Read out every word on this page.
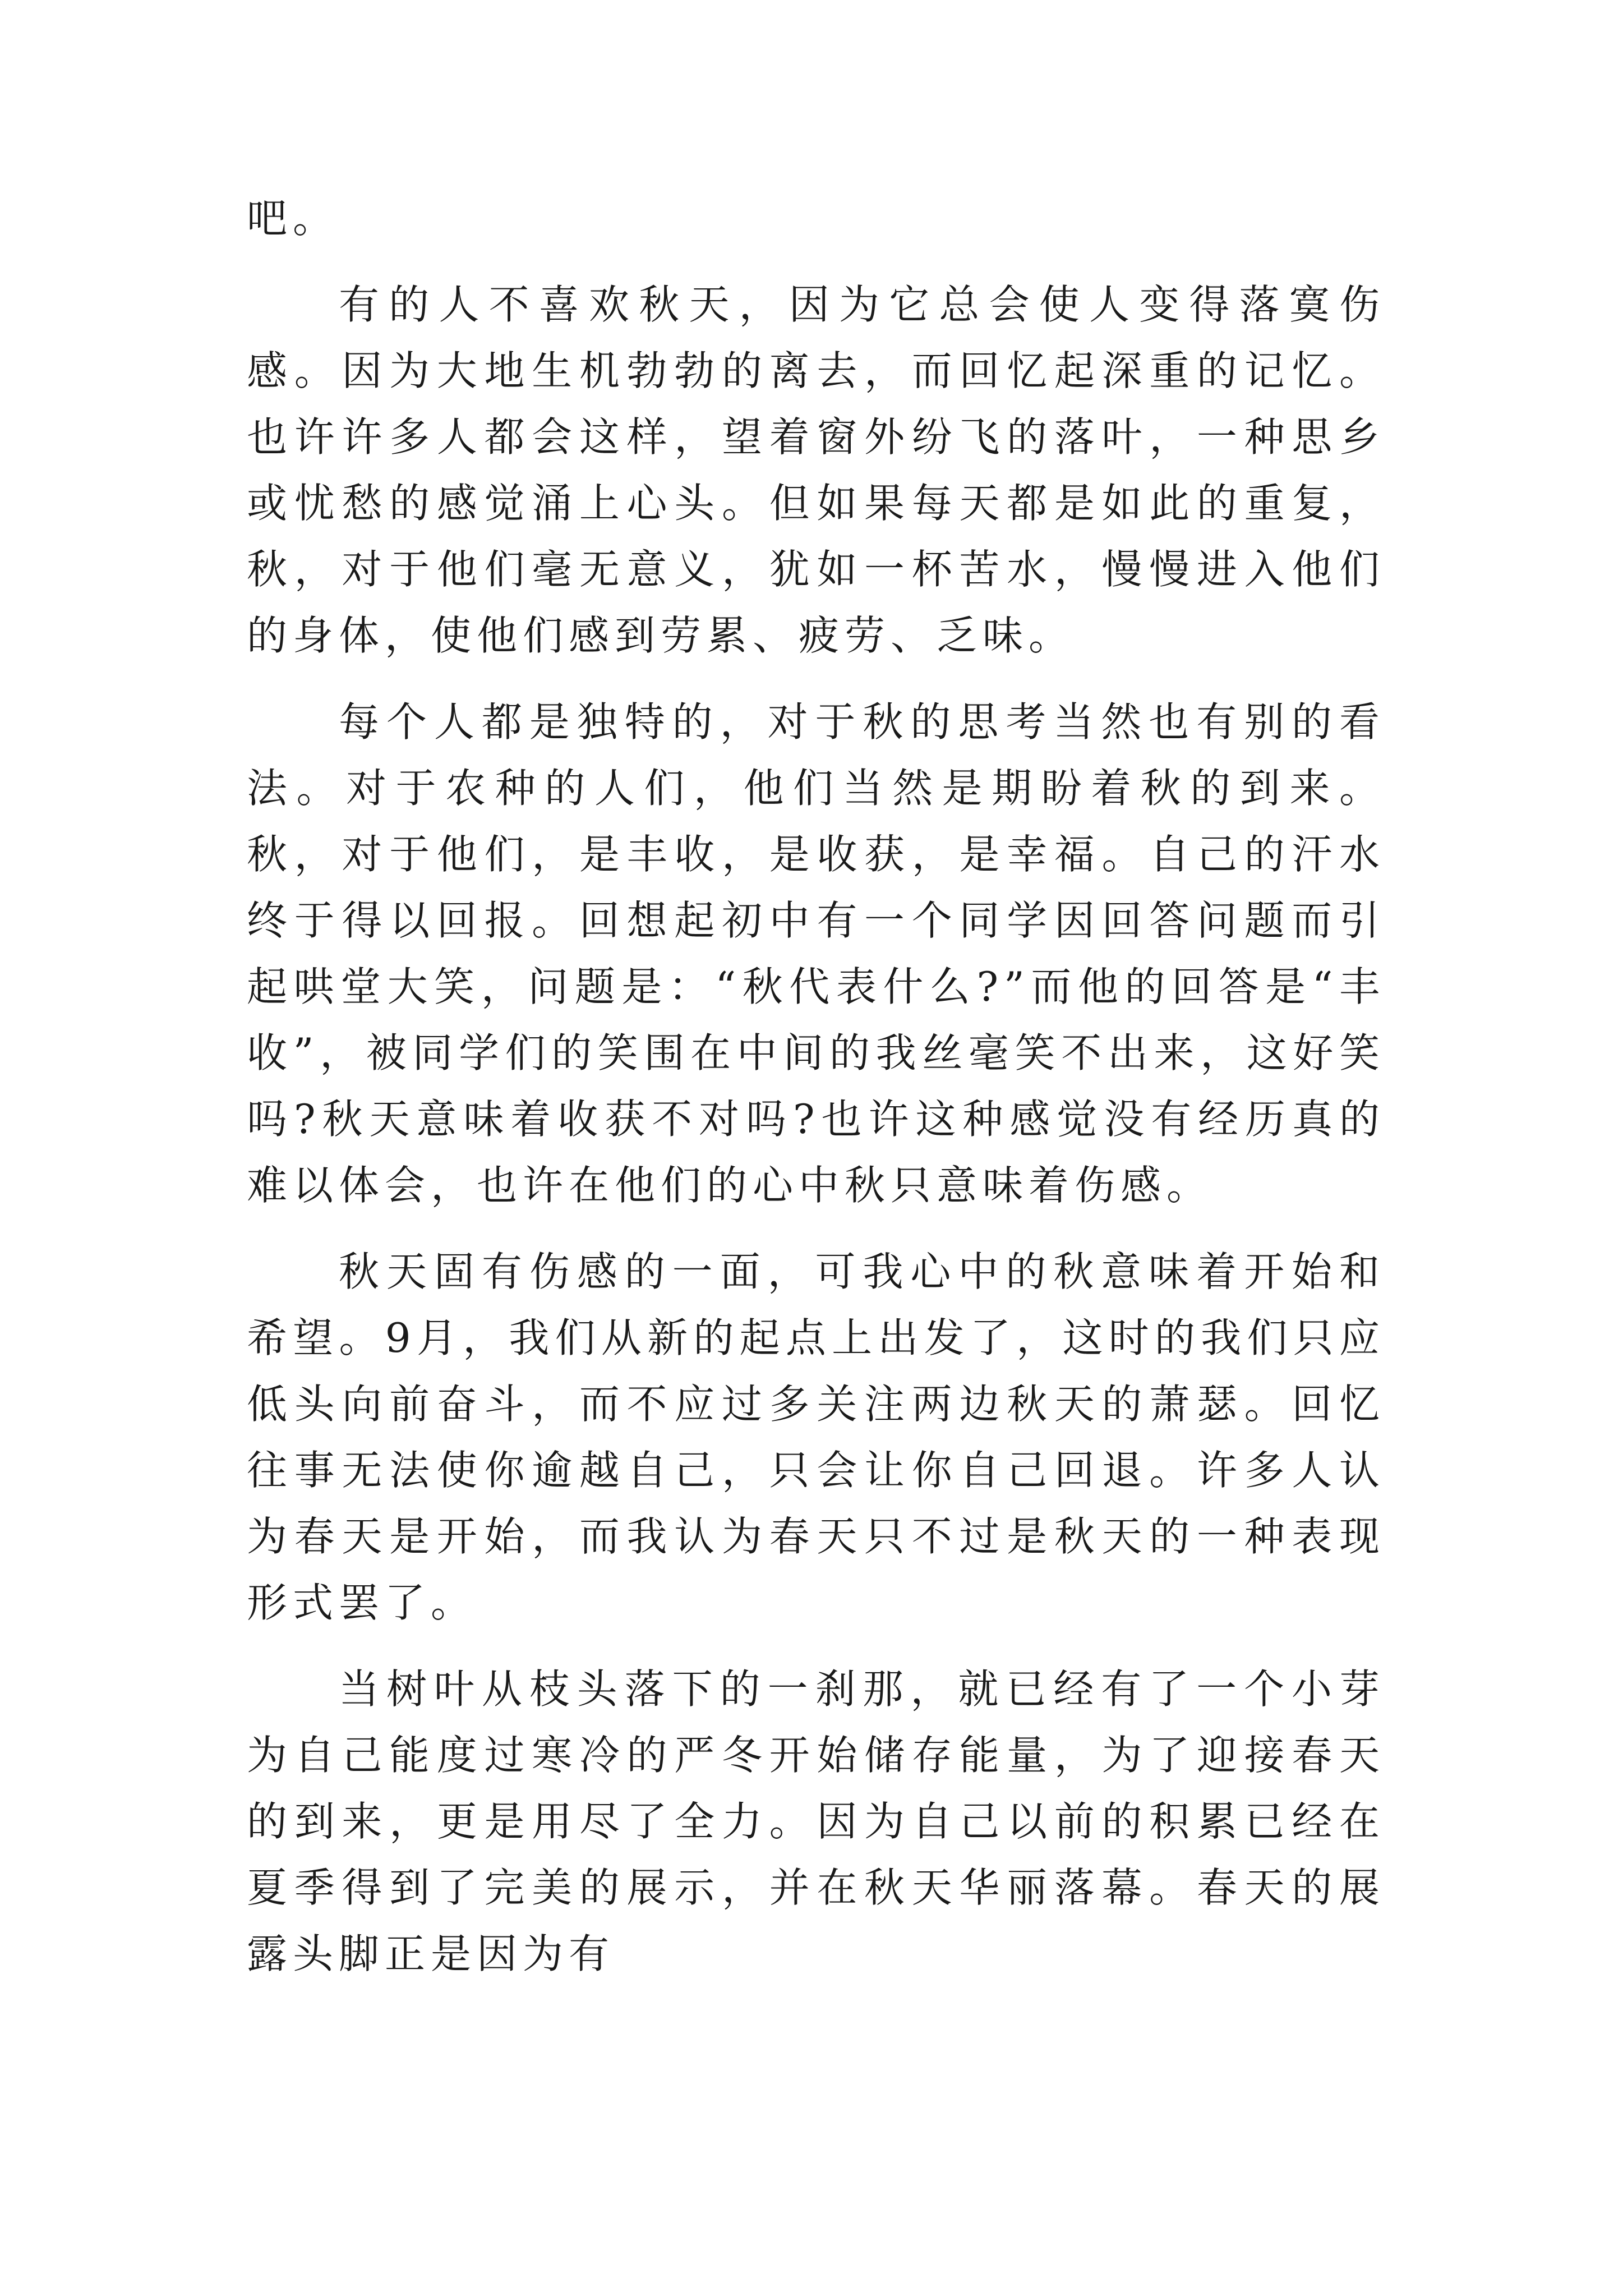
吧。

有的人不喜欢秋天，因为它总会使人变得落寞伤感。因为大地生机勃勃的离去，而回忆起深重的记忆。也许许多人都会这样，望着窗外纷飞的落叶，一种思乡或忧愁的感觉涌上心头。但如果每天都是如此的重复，秋，对于他们毫无意义，犹如一杯苦水，慢慢进入他们的身体，使他们感到劳累、疲劳、乏味。

每个人都是独特的，对于秋的思考当然也有别的看法。对于农种的人们，他们当然是期盼着秋的到来。秋，对于他们，是丰收，是收获，是幸福。自己的汗水终于得以回报。回想起初中有一个同学因回答问题而引起哄堂大笑，问题是：“秋代表什么?”而他的回答是“丰收”，被同学们的笑围在中间的我丝毫笑不出来，这好笑吗?秋天意味着收获不对吗?也许这种感觉没有经历真的难以体会，也许在他们的心中秋只意味着伤感。

秋天固有伤感的一面，可我心中的秋意味着开始和希望。9月，我们从新的起点上出发了，这时的我们只应低头向前奋斗，而不应过多关注两边秋天的萧瑟。回忆往事无法使你逾越自己，只会让你自己回退。许多人认为春天是开始，而我认为春天只不过是秋天的一种表现形式罢了。

当树叶从枝头落下的一刹那，就已经有了一个小芽为自己能度过寒冷的严冬开始储存能量，为了迎接春天的到来，更是用尽了全力。因为自己以前的积累已经在夏季得到了完美的展示，并在秋天华丽落幕。春天的展露头脚正是因为有
